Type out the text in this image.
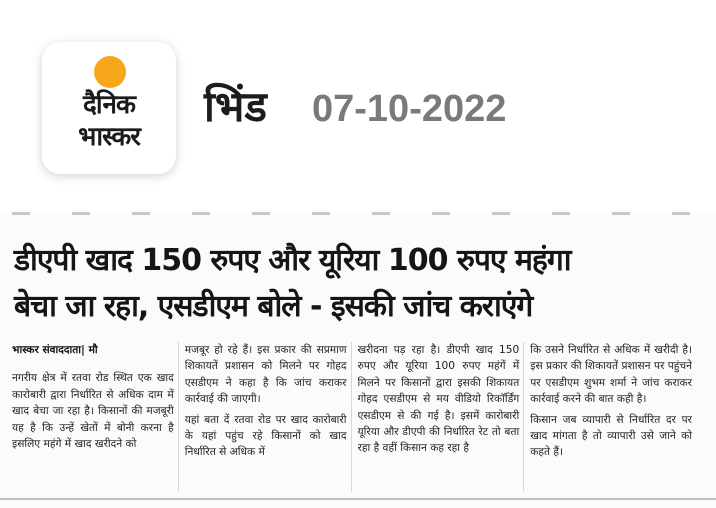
दैनिक
भास्कर
भिंड 07-10-2022
डीएपी खाद 150 रुपए और यूरिया 100 रुपए महंगा
बेचा जा रहा, एसडीएम बोले - इसकी जांच कराएंगे
भास्कर संवाददाता| मौ

नगरीय क्षेत्र में रतवा रोड स्थित एक खाद कारोबारी द्वारा निर्धारित से अधिक दाम में खाद बेचा जा रहा है। किसानों की मजबूरी यह है कि उन्हें खेतों में बोनी करना है इसलिए महंगे में खाद खरीदने को

मजबूर हो रहे हैं। इस प्रकार की सप्रमाण शिकायतें प्रशासन को मिलने पर गोहद एसडीएम ने कहा है कि जांच कराकर कार्रवाई की जाएगी।

यहां बता दें रतवा रोड पर खाद कारोबारी के यहां पहुंच रहे किसानों को खाद निर्धारित से अधिक में

खरीदना पड़ रहा है। डीएपी खाद 150 रुपए और यूरिया 100 रुपए महंगें में मिलने पर किसानों द्वारा इसकी शिकायत गोहद एसडीएम से मय वीडियो रिकाॅर्डिंग एसडीएम से की गई है। इसमें कारोबारी यूरिया और डीएपी की निर्धारित रेट तो बता रहा है वहीं किसान कह रहा है

कि उसने निर्धारित से अधिक में खरीदी है। इस प्रकार की शिकायतें प्रशासन पर पहुंचने पर एसडीएम शुभम शर्मा ने जांच कराकर कार्रवाई करने की बात कही है।

किसान जब व्यापारी से निर्धारित दर पर खाद मांगता है तो व्यापारी उसे जाने को कहते हैं।
